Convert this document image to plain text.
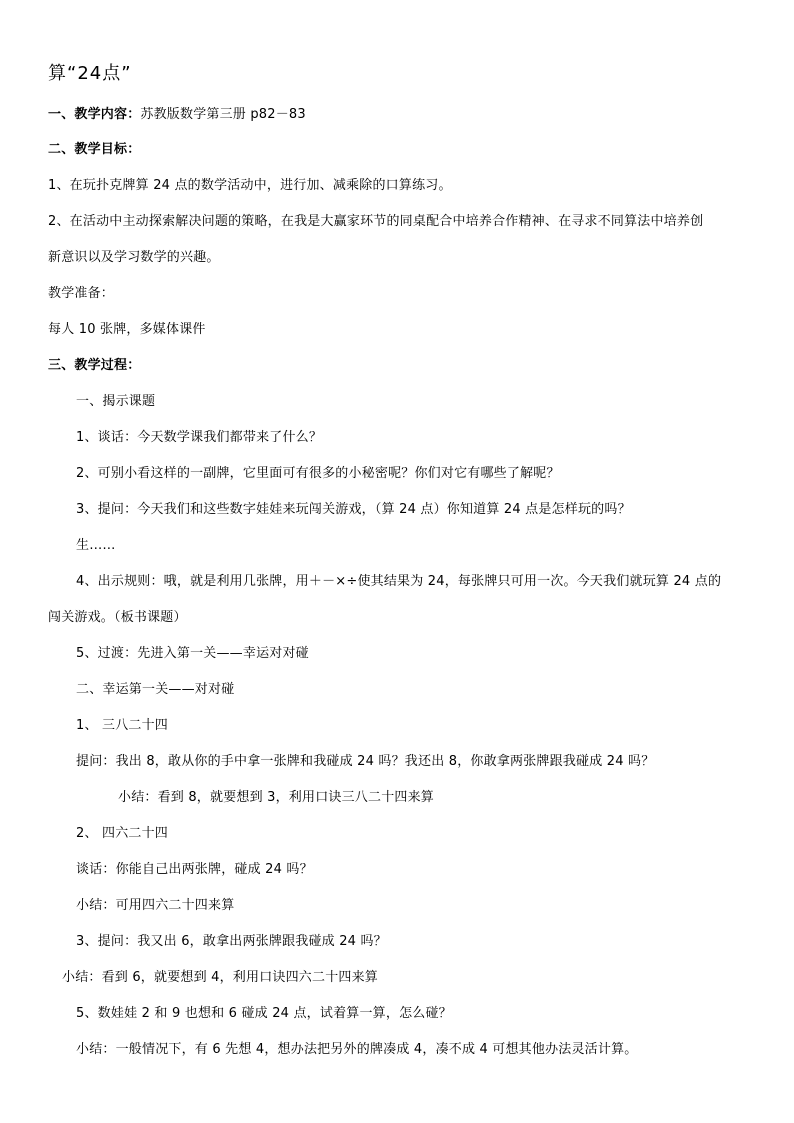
算“24点”
一、教学内容：苏教版数学第三册 p82－83
二、教学目标：
1、在玩扑克牌算 24 点的数学活动中，进行加、减乘除的口算练习。
2、在活动中主动探索解决问题的策略，在我是大赢家环节的同桌配合中培养合作精神、在寻求不同算法中培养创
新意识以及学习数学的兴趣。
教学准备：
每人 10 张牌，多媒体课件
三、教学过程：
一、揭示课题
1、谈话：今天数学课我们都带来了什么？
2、可别小看这样的一副牌，它里面可有很多的小秘密呢？你们对它有哪些了解呢？
3、提问：今天我们和这些数字娃娃来玩闯关游戏，（算 24 点）你知道算 24 点是怎样玩的吗？
生……
4、出示规则：哦，就是利用几张牌，用＋－×÷使其结果为 24，每张牌只可用一次。今天我们就玩算 24 点的
闯关游戏。（板书课题）
5、过渡：先进入第一关——幸运对对碰
二、幸运第一关——对对碰
1、 三八二十四
提问：我出 8，敢从你的手中拿一张牌和我碰成 24 吗？我还出 8，你敢拿两张牌跟我碰成 24 吗？
小结：看到 8，就要想到 3，利用口诀三八二十四来算
2、 四六二十四
谈话：你能自己出两张牌，碰成 24 吗？
小结：可用四六二十四来算
3、提问：我又出 6，敢拿出两张牌跟我碰成 24 吗？
小结：看到 6，就要想到 4，利用口诀四六二十四来算
5、数娃娃 2 和 9 也想和 6 碰成 24 点，试着算一算，怎么碰？
小结：一般情况下，有 6 先想 4，想办法把另外的牌凑成 4，凑不成 4 可想其他办法灵活计算。
